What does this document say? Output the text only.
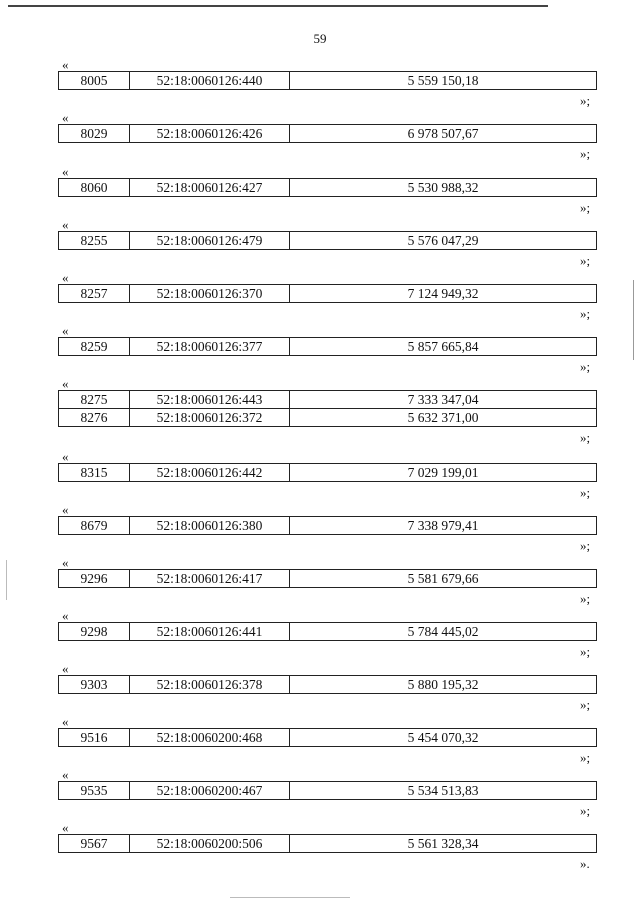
59
«
8005	52:18:0060126:440	5 559 150,18
»;
«
8029	52:18:0060126:426	6 978 507,67
»;
«
8060	52:18:0060126:427	5 530 988,32
»;
«
8255	52:18:0060126:479	5 576 047,29
»;
«
8257	52:18:0060126:370	7 124 949,32
»;
«
8259	52:18:0060126:377	5 857 665,84
»;
«
8275	52:18:0060126:443	7 333 347,04
8276	52:18:0060126:372	5 632 371,00
»;
«
8315	52:18:0060126:442	7 029 199,01
»;
«
8679	52:18:0060126:380	7 338 979,41
»;
«
9296	52:18:0060126:417	5 581 679,66
»;
«
9298	52:18:0060126:441	5 784 445,02
»;
«
9303	52:18:0060126:378	5 880 195,32
»;
«
9516	52:18:0060200:468	5 454 070,32
»;
«
9535	52:18:0060200:467	5 534 513,83
»;
«
9567	52:18:0060200:506	5 561 328,34
».
